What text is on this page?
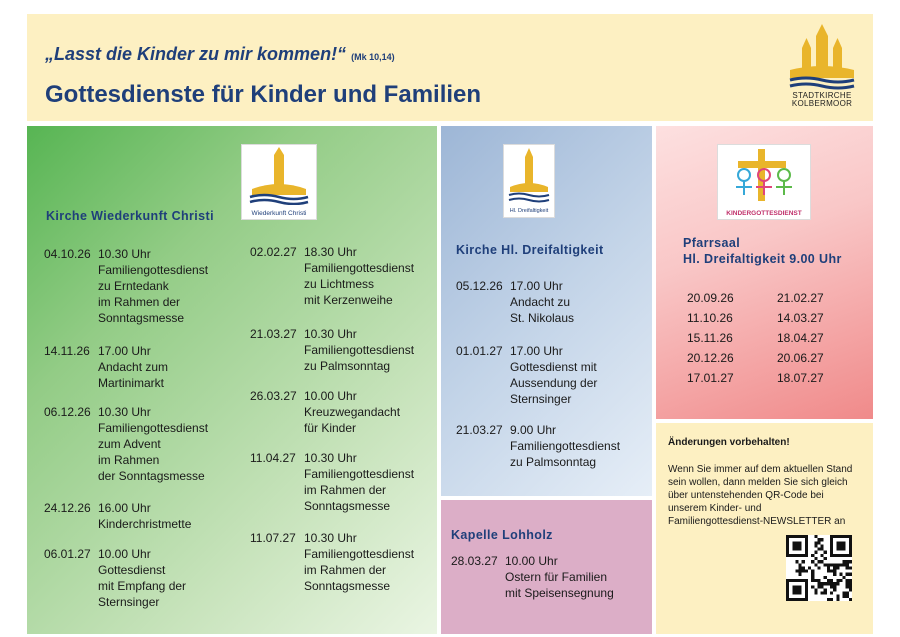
„Lasst die Kinder zu mir kommen!“ (Mk 10,14)
Gottesdienste für Kinder und Familien	STADTKIRCHE
KOLBERMOOR
Wiederkunft Christi
Kirche Wiederkunft Christi
04.10.26 10.30 Uhr
Familiengottesdienst
zu Erntedank
im Rahmen der
Sonntagsmesse
14.11.26 17.00 Uhr
Andacht zum
Martinimarkt
06.12.26 10.30 Uhr
Familiengottesdienst
zum Advent
im Rahmen
der Sonntagsmesse
24.12.26 16.00 Uhr
Kinderchristmette
06.01.27 10.00 Uhr
Gottesdienst
mit Empfang der
Sternsinger
02.02.27 18.30 Uhr
Familiengottesdienst
zu Lichtmess
mit Kerzenweihe
21.03.27 10.30 Uhr
Familiengottesdienst
zu Palmsonntag
26.03.27 10.00 Uhr
Kreuzwegandacht
für Kinder
11.04.27 10.30 Uhr
Familiengottesdienst
im Rahmen der
Sonntagsmesse
11.07.27 10.30 Uhr
Familiengottesdienst
im Rahmen der
Sonntagsmesse
Hl. Dreifaltigkeit
Kirche Hl. Dreifaltigkeit
05.12.26 17.00 Uhr
Andacht zu
St. Nikolaus
01.01.27 17.00 Uhr
Gottesdienst mit
Aussendung der
Sternsinger
21.03.27 9.00 Uhr
Familiengottesdienst
zu Palmsonntag
Kapelle Lohholz
28.03.27 10.00 Uhr
Ostern für Familien
mit Speisensegnung
KINDERGOTTESDIENST
Pfarrsaal
Hl. Dreifaltigkeit 9.00 Uhr
20.09.26
11.10.26
15.11.26
20.12.26
17.01.27
21.02.27
14.03.27
18.04.27
20.06.27
18.07.27
Änderungen vorbehalten!
Wenn Sie immer auf dem aktuellen Stand sein wollen, dann melden Sie sich gleich über untenstehenden QR-Code bei unserem Kinder- und Familiengottesdienst-NEWSLETTER an
